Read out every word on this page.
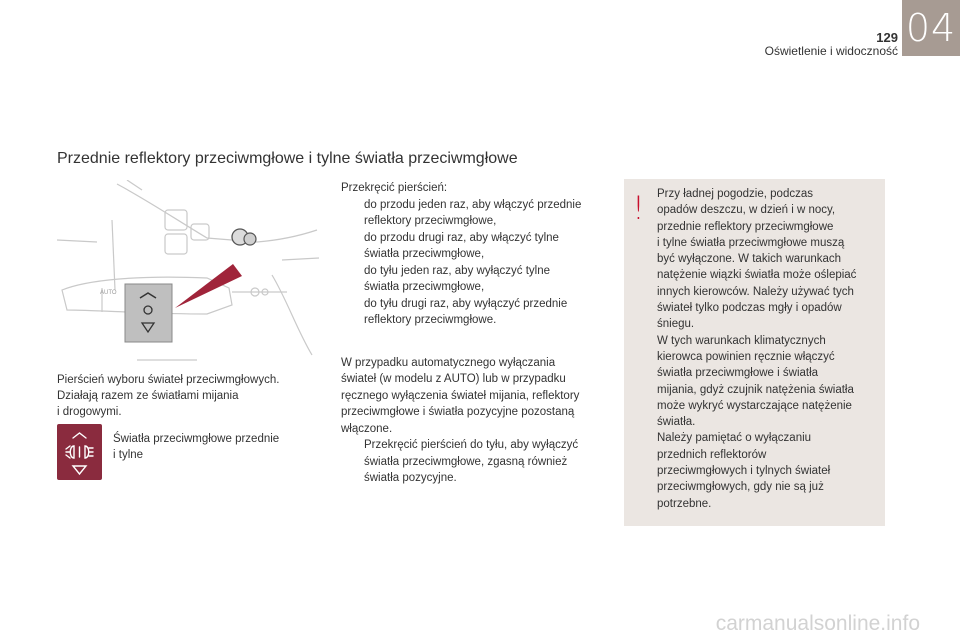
129
Oświetlenie i widoczność
04
Przednie reflektory przeciwmgłowe i tylne światła przeciwmgłowe
AUTO
Pierścień wyboru świateł przeciwmgłowych.
Działają razem ze światłami mijania
i drogowymi.
Światła przeciwmgłowe przednie
i tylne

Przekręcić pierścień:

do przodu jeden raz, aby włączyć przednie
reflektory przeciwmgłowe,
do przodu drugi raz, aby włączyć tylne
światła przeciwmgłowe,
do tyłu jeden raz, aby wyłączyć tylne
światła przeciwmgłowe,
do tyłu drugi raz, aby wyłączyć przednie
reflektory przeciwmgłowe.
W przypadku automatycznego wyłączania
świateł (w modelu z AUTO) lub w przypadku
ręcznego wyłączenia świateł mijania, reflektory
przeciwmgłowe i światła pozycyjne pozostaną
włączone.
Przekręcić pierścień do tyłu, aby wyłączyć
światła przeciwmgłowe, zgasną również
światła pozycyjne.
! Przy ładnej pogodzie, podczas
opadów deszczu, w dzień i w nocy,
przednie reflektory przeciwmgłowe
i tylne światła przeciwmgłowe muszą
być wyłączone. W takich warunkach
natężenie wiązki światła może oślepiać
innych kierowców. Należy używać tych
świateł tylko podczas mgły i opadów
śniegu.
W tych warunkach klimatycznych
kierowca powinien ręcznie włączyć
światła przeciwmgłowe i światła
mijania, gdyż czujnik natężenia światła
może wykryć wystarczające natężenie
światła.
Należy pamiętać o wyłączaniu
przednich reflektorów
przeciwmgłowych i tylnych świateł
przeciwmgłowych, gdy nie są już
potrzebne.
carmanualsonline.info
